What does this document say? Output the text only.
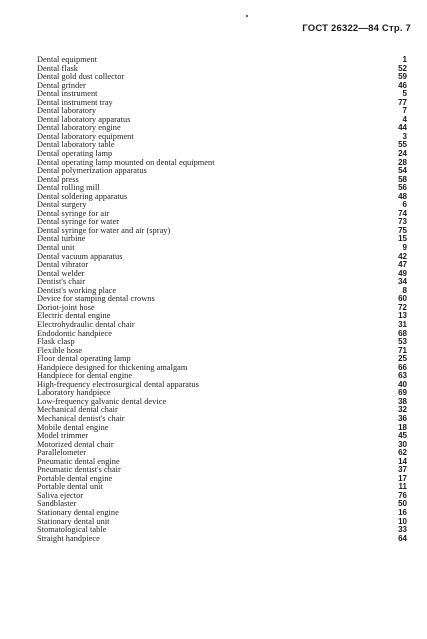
ГОСТ 26322—84 Стр. 7
Dental equipment	1
Dental flask	52
Dental gold dust collector	59
Dental grinder	46
Dental instrument	5
Dental instrument tray	77
Dental laboratory	7
Dental laboratory apparatus	4
Dental laboratory engine	44
Dental laboratory equipment	3
Dental laboratory table	55
Dental operating lamp	24
Dental operating lamp mounted on dental equipment	28
Dental polymerization apparatus	54
Dental press	58
Dental rolling mill	56
Dental soldering apparatus	48
Dental surgery	6
Dental syringe for air	74
Dental syringe for water	73
Dental syringe for water and air (spray)	75
Dental turbine	15
Dental unit	9
Dental vacuum apparatus	42
Dental vibrator	47
Dental welder	49
Dentist's chair	34
Dentist's working place	8
Device for stamping dental crowns	60
Doriot-joint hose	72
Electric dental engine	13
Electrohydraulic dental chair	31
Endodontic handpiece	68
Flask clasp	53
Flexible hose	71
Floor dental operating lamp	25
Handpiece designed for thickening amalgam	66
Handpiece for dental engine	63
High-frequency electrosurgical dental apparatus	40
Laboratory handpiece	69
Low-frequency galvanic dental device	38
Mechanical dental chair	32
Mechanical dentist's chair	36
Mobile dental engine	18
Model trimmer	45
Motorized dental chair	30
Parallelometer	62
Pneumatic dental engine	14
Pneumatic dentist's chair	37
Portable dental engine	17
Portable dental unit	11
Saliva ejector	76
Sandblaster	50
Stationary dental engine	16
Stationary dental unit	10
Stomatological table	33
Straight handpiece	64
